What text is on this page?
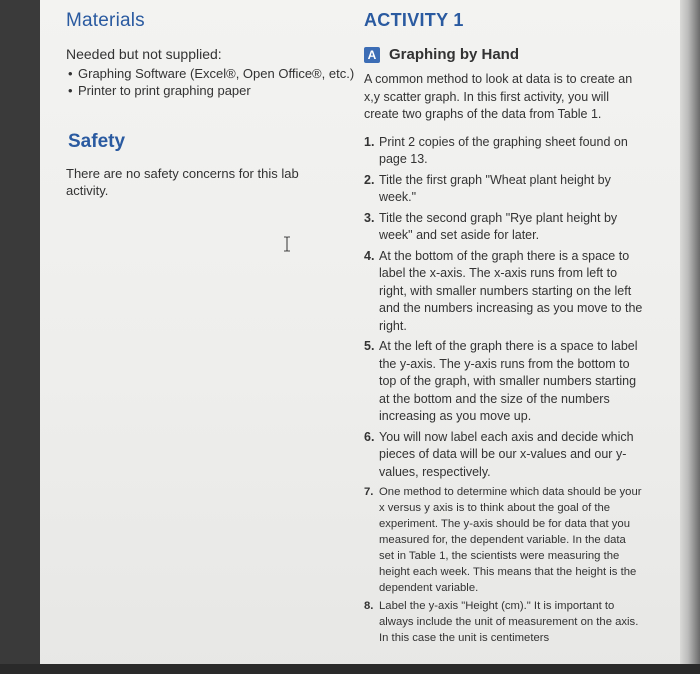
Materials
Needed but not supplied:
• Graphing Software (Excel®, Open Office®, etc.)
• Printer to print graphing paper
Safety
There are no safety concerns for this lab activity.
ACTIVITY 1
A Graphing by Hand
A common method to look at data is to create an x,y scatter graph. In this first activity, you will create two graphs of the data from Table 1.
1. Print 2 copies of the graphing sheet found on page 13.
2. Title the first graph "Wheat plant height by week."
3. Title the second graph "Rye plant height by week" and set aside for later.
4. At the bottom of the graph there is a space to label the x-axis. The x-axis runs from left to right, with smaller numbers starting on the left and the numbers increasing as you move to the right.
5. At the left of the graph there is a space to label the y-axis. The y-axis runs from the bottom to top of the graph, with smaller numbers starting at the bottom and the size of the numbers increasing as you move up.
6. You will now label each axis and decide which pieces of data will be our x-values and our y-values, respectively.
7. One method to determine which data should be your x versus y axis is to think about the goal of the experiment. The y-axis should be for data that you measured for, the dependent variable. In the data set in Table 1, the scientists were measuring the height each week. This means that the height is the dependent variable.
8. Label the y-axis "Height (cm)." It is important to always include the unit of measurement on the axis. In this case the unit is centimeters
